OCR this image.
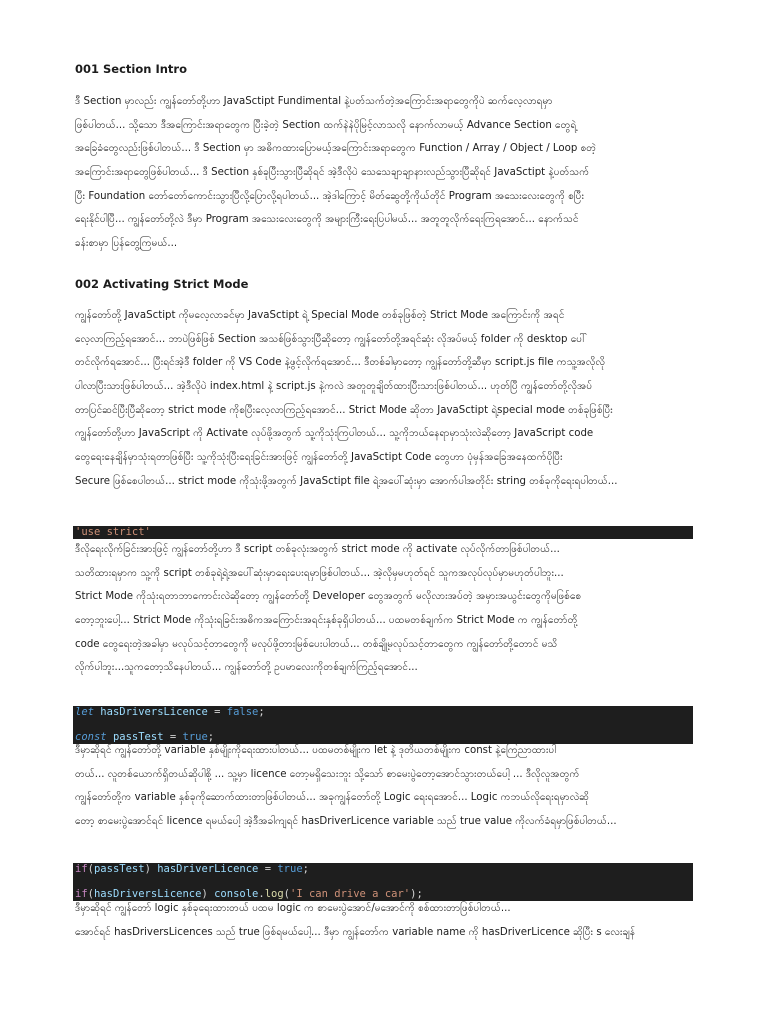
001 Section Intro
ဒီ Section မှာလည်း ကျွန်တော်တို့ဟာ JavaSctipt Fundimental နဲ့ပတ်သက်တဲ့အကြောင်းအရာတွေကိုပဲ ဆက်လေ့လာရမှာ
ဖြစ်ပါတယ်... သို့သော ဒီအကြောင်းအရာတွေက ပြီးခဲ့တဲ့ Section ထက်နဲနဲပိုမြင့်လာသလို နောက်လာမယ့် Advance Section တွေရဲ့
အခြေခံတွေလည်းဖြစ်ပါတယ်... ဒီ Section မှာ အဓိကထားပြောမယ့်အကြောင်းအရာတွေက Function / Array / Object / Loop စတဲ့
အကြောင်းအရာတွေဖြစ်ပါတယ်... ဒီ Section နှစ်ခုပြီးသွားပြီဆိုရင် အဲ့ဒီလိုပဲ သေသေချာချာနားလည်သွားပြီဆိုရင် JavaSctipt နဲ့ပတ်သက်
ပြီး Foundation တော်တော်ကောင်းသွားပြီလို့ပြောလို့ရပါတယ်... အဲ့ဒါကြောင့် မိတ်ဆွေတို့ကိုယ်တိုင် Program အသေးလေးတွေကို စပြီး
ရေးနိုင်ပါပြီ... ကျွန်တော်တို့လဲ ဒီမှာ Program အသေးလေးတွေကို အများကြီးရေးပြပါမယ်... အတူတူလိုက်ရေးကြရအောင်... နောက်သင်
ခန်းစာမှာ ပြန်တွေ့ကြမယ်...
002 Activating Strict Mode
ကျွန်တော်တို့ JavaSctipt ကိုမလေ့လာခင်မှာ JavaSctipt ရဲ့ Special Mode တစ်ခုဖြစ်တဲ့ Strict Mode အကြောင်းကို အရင်
လေ့လာကြည့်ရအောင်... ဘာပဲဖြစ်ဖြစ် Section အသစ်ဖြစ်သွားပြီဆိုတော့ ကျွန်တော်တို့အရင်ဆုံး လိုအပ်မယ့် folder ကို desktop ပေါ်
တင်လိုက်ရအောင်... ပြီးရင်အဲ့ဒီ folder ကို VS Code နဲ့ဖွင့်လိုက်ရအောင်... ဒီတစ်ခါမှာတော့ ကျွန်တော်တို့ဆီမှာ script.js file ကသူ့အလိုလို
ပါလာပြီးသားဖြစ်ပါတယ်... အဲ့ဒီလိုပဲ index.html နဲ့ script.js နဲ့ကလဲ အတူတူချိတ်ထားပြီးသားဖြစ်ပါတယ်... ဟုတ်ပြီ ကျွန်တော်တို့လိုအပ်
တာပြင်ဆင်ပြီးပြီဆိုတော့ strict mode ကိုစပြီးလေ့လာကြည့်ရအောင်... Strict Mode ဆိုတာ JavaSctipt ရဲ့special mode တစ်ခုဖြစ်ပြီး
ကျွန်တော်တို့ဟာ JavaScript ကို Activate လုပ်ဖို့အတွက် သူ့ကိုသုံးကြပါတယ်... သူ့ကိုဘယ်နေရာမှာသုံးလဲဆိုတော့ JavaScript code
တွေရေးနေချိန်မှာသုံးရတာဖြစ်ပြီး သူ့ကိုသုံးပြီးရေးခြင်းအားဖြင့် ကျွန်တော်တို့ JavaSctipt Code တွေဟာ ပုံမှန်အခြေအနေထက်ပိုပြီး
Secure ဖြစ်စေပါတယ်... strict mode ကိုသုံးဖို့အတွက် JavaSctipt file ရဲ့အပေါ်ဆုံးမှာ အောက်ပါအတိုင်း string တစ်ခုကိုရေးရပါတယ်...
'use strict'
ဒီလိုရေးလိုက်ခြင်းအားဖြင့် ကျွန်တော်တို့ဟာ ဒီ script တစ်ခုလုံးအတွက် strict mode ကို activate လုပ်လိုက်တာဖြစ်ပါတယ်...
သတိထားရမှာက သူ့ကို script တစ်ခုရဲ့ရဲ့အပေါ်ဆုံးမှာရေးပေးရမှာဖြစ်ပါတယ်... အဲ့လိုမှမဟုတ်ရင် သူကအလုပ်လုပ်မှာမဟုတ်ပါဘူး...
Strict Mode ကိုသုံးရတာဘာကောင်းလဲဆိုတော့ ကျွန်တော်တို့ Developer တွေအတွက် မလိုလားအပ်တဲ့ အမှားအယွင်းတွေကိုမဖြစ်စေ
တော့ဘူးပေါ့... Strict Mode ကိုသုံးရခြင်းအဓိကအကြောင်းအရင်းနှစ်ခုရှိပါတယ်... ပထမတစ်ချက်က Strict Mode က ကျွန်တော်တို့
code တွေရေးတဲ့အခါမှာ မလုပ်သင့်တာတွေကို မလုပ်ဖို့တားမြစ်ပေးပါတယ်... တစ်ချို့မလုပ်သင့်တာတွေက ကျွန်တော်တို့တောင် မသိ
လိုက်ပါဘူး...သူကတော့သိနေပါတယ်... ကျွန်တော်တို့ ဥပမာလေးကိုတစ်ချက်ကြည့်ရအောင်...
let hasDriversLicence = false;
const passTest = true;
ဒီမှာဆိုရင် ကျွန်တော်တို့ variable နှစ်မျိုးကိုရေးထားပါတယ်... ပထမတစ်မျိုးက let နဲ့ ဒုတိယတစ်မျိုးက const နဲ့ကြေညာထားပါ
တယ်... လူတစ်ယောက်ရှိတယ်ဆိုပါစို့ ... သူ့မှာ licence တော့မရှိသေးဘူး သို့သော် စာမေးပွဲတော့အောင်သွားတယ်ပေါ့ ... ဒီလိုလူအတွက်
ကျွန်တော်တို့က variable နှစ်ခုကိုဆောက်ထားတာဖြစ်ပါတယ်... အခုကျွန်တော်တို့ Logic ရေးရအောင်... Logic ကဘယ်လိုရေးရမှာလဲဆို
တော့ စာမေးပွဲအောင်ရင် licence ရမယ်ပေါ့ အဲ့ဒီအခါကျရင် hasDriverLicence variable သည် true value ကိုလက်ခံရမှာဖြစ်ပါတယ်...
if(passTest) hasDriverLicence = true;
if(hasDriversLicence) console.log('I can drive a car');
ဒီမှာဆိုရင် ကျွန်တော် logic နှစ်ခုရေးထားတယ် ပထမ logic က စာမေးပွဲအောင်/မအောင်ကို စစ်ထားတာဖြစ်ပါတယ်...
အောင်ရင် hasDriversLicences သည် true ဖြစ်ရမယ်ပေါ့... ဒီမှာ ကျွန်တော်က variable name ကို hasDriverLicence ဆိုပြီး s လေးချန်
